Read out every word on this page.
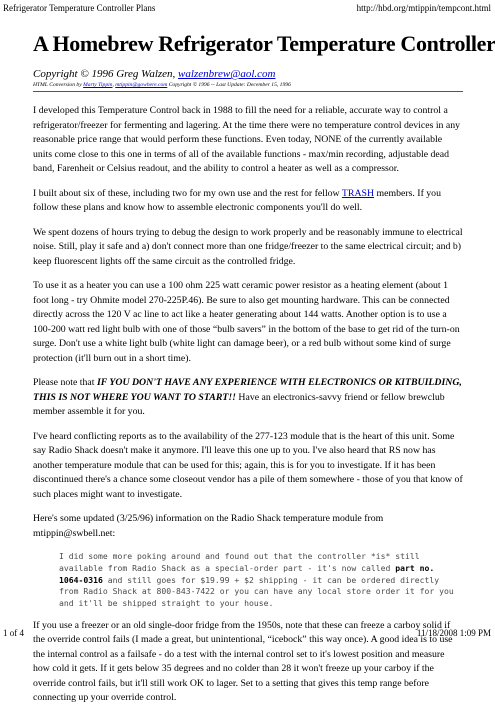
Refrigerator Temperature Controller Plans	http://hbd.org/mtippin/tempcont.html
A Homebrew Refrigerator Temperature Controller
Copyright © 1996 Greg Walzen, walzenbrew@aol.com
HTML Conversion by Marty Tippin, mtippin@gowhere.com Copyright © 1996 -- Last Update: December 15, 1996

I developed this Temperature Control back in 1988 to fill the need for a reliable, accurate way to control a refrigerator/freezer for fermenting and lagering. At the time there were no temperature control devices in any reasonable price range that would perform these functions. Even today, NONE of the currently available units come close to this one in terms of all of the available functions - max/min recording, adjustable dead band, Farenheit or Celsius readout, and the ability to control a heater as well as a compressor.

I built about six of these, including two for my own use and the rest for fellow TRASH members. If you follow these plans and know how to assemble electronic components you'll do well.

We spent dozens of hours trying to debug the design to work properly and be reasonably immune to electrical noise. Still, play it safe and a) don't connect more than one fridge/freezer to the same electrical circuit; and b) keep fluorescent lights off the same circuit as the controlled fridge.

To use it as a heater you can use a 100 ohm 225 watt ceramic power resistor as a heating element (about 1 foot long - try Ohmite model 270-225P.46). Be sure to also get mounting hardware. This can be connected directly across the 120 V ac line to act like a heater generating about 144 watts. Another option is to use a 100-200 watt red light bulb with one of those “bulb savers” in the bottom of the base to get rid of the turn-on surge. Don't use a white light bulb (white light can damage beer), or a red bulb without some kind of surge protection (it'll burn out in a short time).

Please note that IF YOU DON'T HAVE ANY EXPERIENCE WITH ELECTRONICS OR KITBUILDING, THIS IS NOT WHERE YOU WANT TO START!! Have an electronics-savvy friend or fellow brewclub member assemble it for you.

I've heard conflicting reports as to the availability of the 277-123 module that is the heart of this unit. Some say Radio Shack doesn't make it anymore. I'll leave this one up to you. I've also heard that RS now has another temperature module that can be used for this; again, this is for you to investigate. If it has been discontinued there's a chance some closeout vendor has a pile of them somewhere - those of you that know of such places might want to investigate.

Here's some updated (3/25/96) information on the Radio Shack temperature module from mtippin@swbell.net:

I did some more poking around and found out that the controller *is* still available from Radio Shack as a special-order part - it's now called part no. 1064-0316 and still goes for $19.99 + $2 shipping - it can be ordered directly from Radio Shack at 800-843-7422 or you can have any local store order it for you and it'll be shipped straight to your house.

If you use a freezer or an old single-door fridge from the 1950s, note that these can freeze a carboy solid if the override control fails (I made a great, but unintentional, “icebock” this way once). A good idea is to use the internal control as a failsafe - do a test with the internal control set to it's lowest position and measure how cold it gets. If it gets below 35 degrees and no colder than 28 it won't freeze up your carboy if the override control fails, but it'll still work OK to lager. Set to a setting that gives this temp range before connecting up your override control.

1 of 4	11/18/2008 1:09 PM
